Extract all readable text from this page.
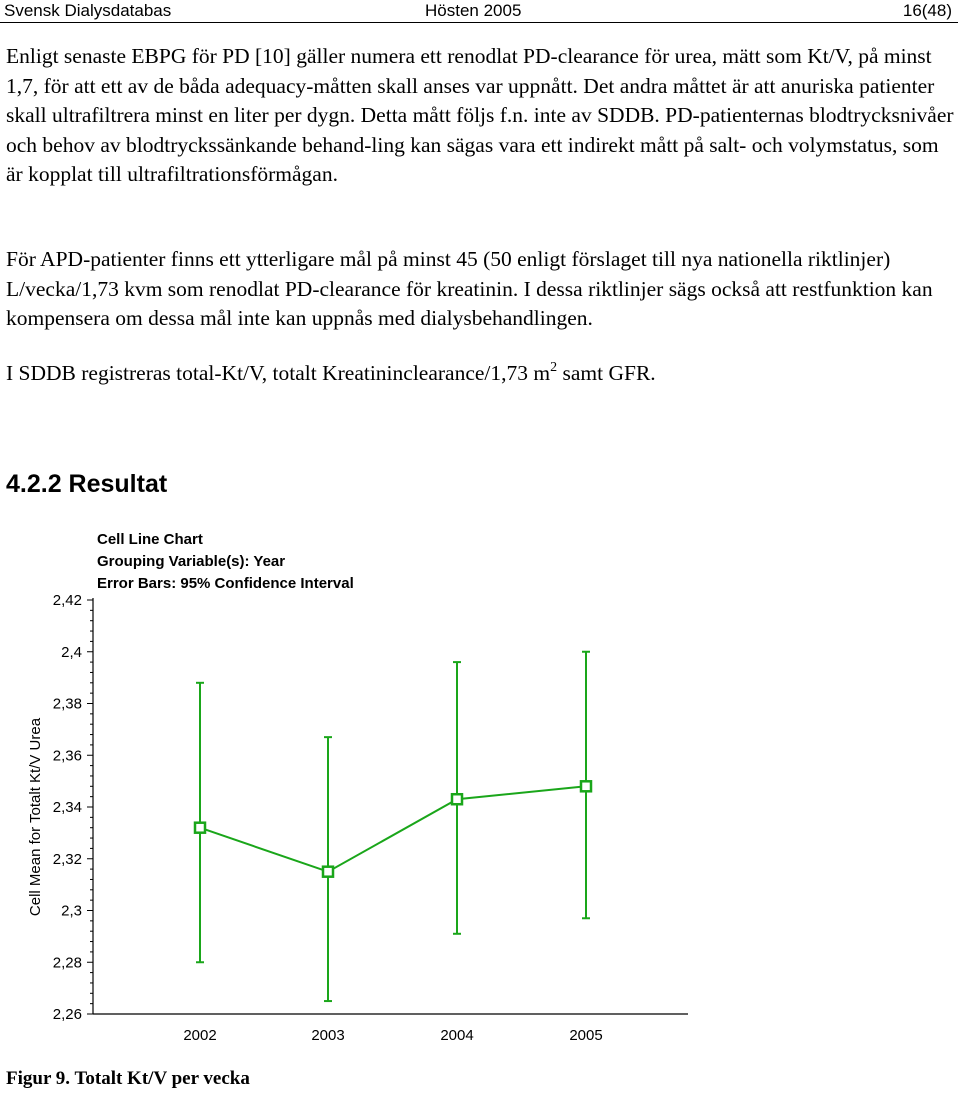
Svensk Dialysdatabas	Hösten 2005	16(48)

Enligt senaste EBPG för PD [10] gäller numera ett renodlat PD-clearance för urea, mätt som Kt/V, på minst 1,7, för att ett av de båda adequacy-måtten skall anses var uppnått. Det andra måttet är att anuriska patienter skall ultrafiltrera minst en liter per dygn. Detta mått följs f.n. inte av SDDB. PD-patienternas blodtrycksnivåer och behov av blodtryckssänkande behand-ling kan sägas vara ett indirekt mått på salt- och volymstatus, som är kopplat till ultrafiltrationsförmågan.

För APD-patienter finns ett ytterligare mål på minst 45 (50 enligt förslaget till nya nationella riktlinjer) L/vecka/1,73 kvm som renodlat PD-clearance för kreatinin. I dessa riktlinjer sägs också att restfunktion kan kompensera om dessa mål inte kan uppnås med dialysbehandlingen.

I SDDB registreras total-Kt/V, totalt Kreatininclearance/1,73 $m^2$ samt GFR.

4.2.2 Resultat
Cell Line Chart
Grouping Variable(s): Year
Error Bars: 95% Confidence Interval
Cell Mean for Totalt Kt/V Urea
2,26
2,28
2,3
2,32
2,34
2,36
2,38
2,4
2,42
2002	2003	2004	2005

Figur 9. Totalt Kt/V per vecka
